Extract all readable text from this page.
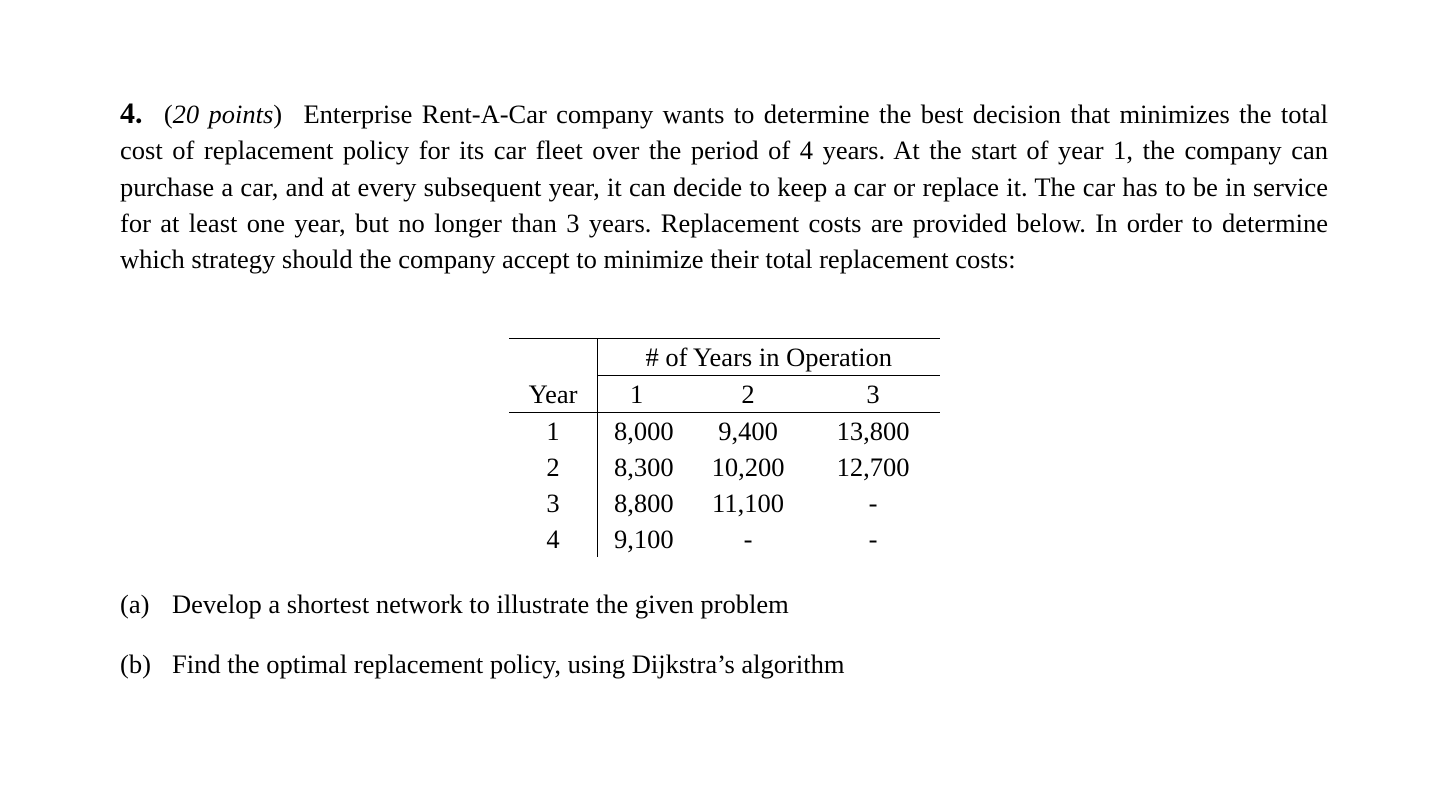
4. (20 points) Enterprise Rent-A-Car company wants to determine the best decision that minimizes the total cost of replacement policy for its car fleet over the period of 4 years. At the start of year 1, the company can purchase a car, and at every subsequent year, it can decide to keep a car or replace it. The car has to be in service for at least one year, but no longer than 3 years. Replacement costs are provided below. In order to determine which strategy should the company accept to minimize their total replacement costs:
	# of Years in Operation		
Year	1	2	3
1	8,000	9,400	13,800
2	8,300	10,200	12,700
3	8,800	11,100	-
4	9,100	-	-
(a) Develop a shortest network to illustrate the given problem
(b) Find the optimal replacement policy, using Dijkstra’s algorithm
